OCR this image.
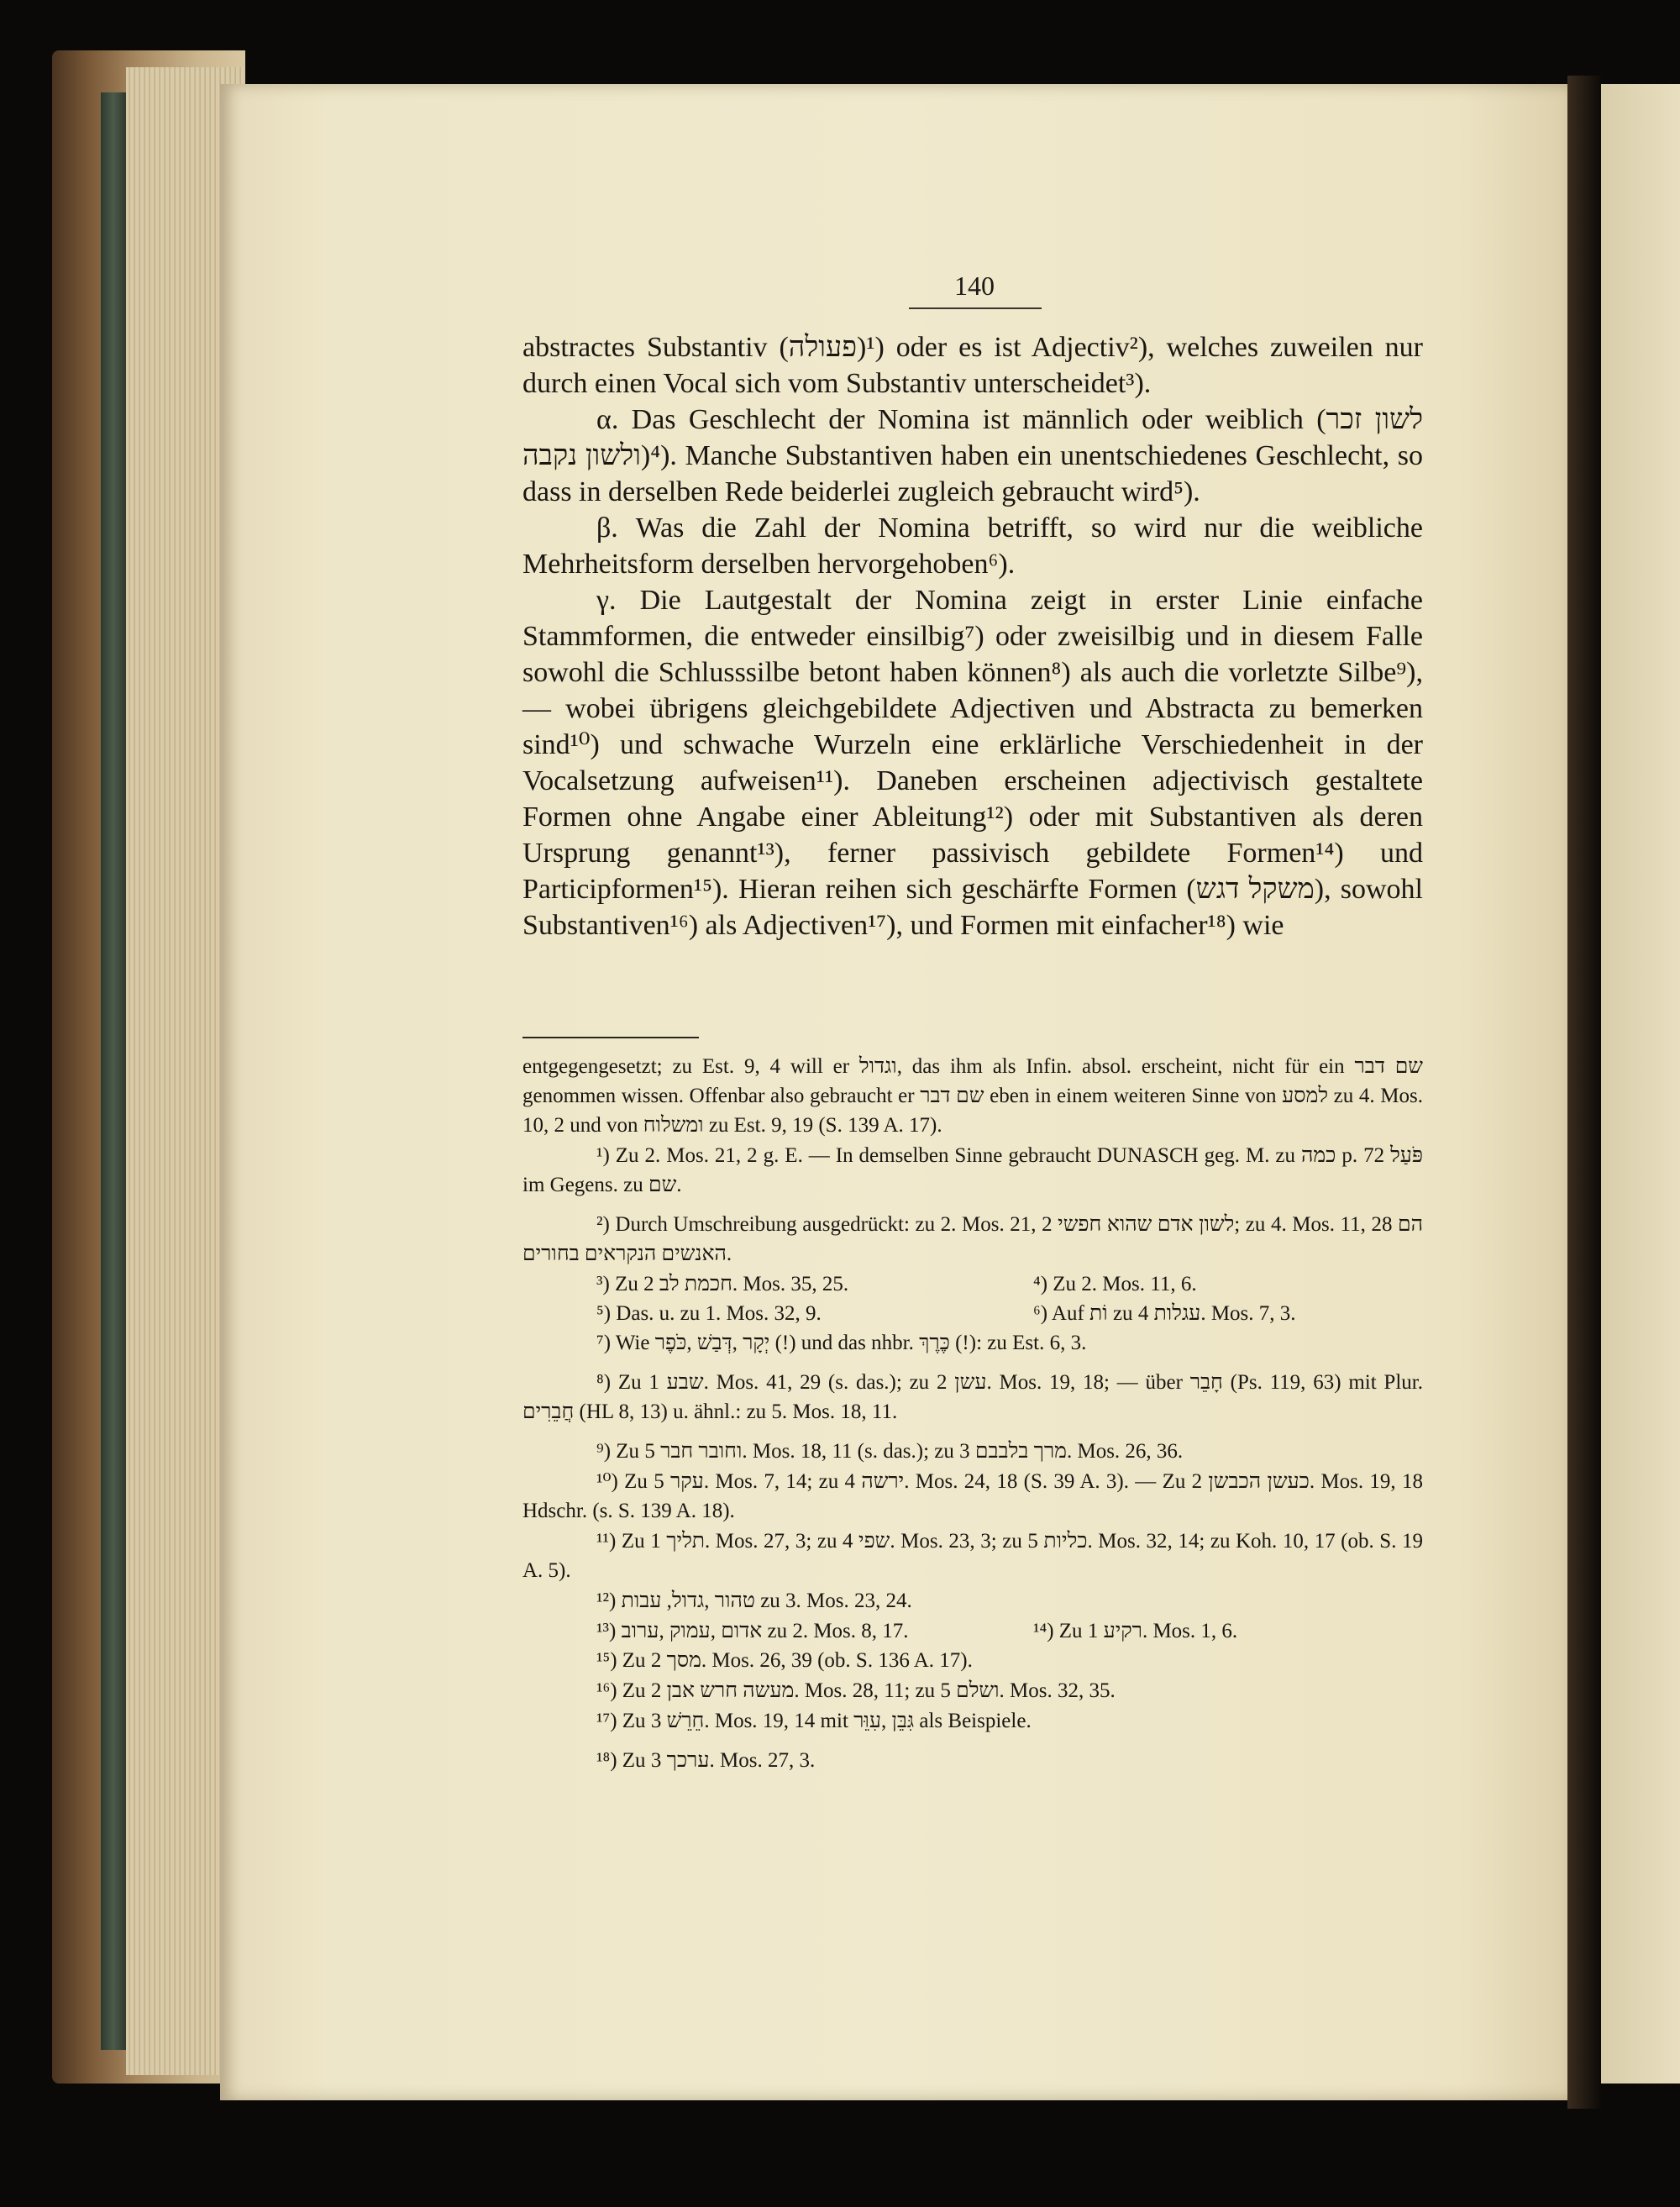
140

abstractes Substantiv (פעולה)¹) oder es ist Adjectiv²), welches zuweilen nur durch einen Vocal sich vom Substantiv unterscheidet³).

α. Das Geschlecht der Nomina ist männlich oder weiblich (לשון זכר ולשון נקבה)⁴). Manche Substantiven haben ein unentschiedenes Geschlecht, so dass in derselben Rede beiderlei zugleich gebraucht wird⁵).

β. Was die Zahl der Nomina betrifft, so wird nur die weibliche Mehrheitsform derselben hervorgehoben⁶).

γ. Die Lautgestalt der Nomina zeigt in erster Linie einfache Stammformen, die entweder einsilbig⁷) oder zweisilbig und in diesem Falle sowohl die Schlusssilbe betont haben können⁸) als auch die vorletzte Silbe⁹), — wobei übrigens gleichgebildete Adjectiven und Abstracta zu bemerken sind¹⁰) und schwache Wurzeln eine erklärliche Verschiedenheit in der Vocalsetzung aufweisen¹¹). Daneben erscheinen adjectivisch gestaltete Formen ohne Angabe einer Ableitung¹²) oder mit Substantiven als deren Ursprung genannt¹³), ferner passivisch gebildete Formen¹⁴) und Participformen¹⁵). Hieran reihen sich geschärfte Formen (משקל דגש), sowohl Substantiven¹⁶) als Adjectiven¹⁷), und Formen mit einfacher¹⁸) wie

entgegengesetzt; zu Est. 9, 4 will er וגדול, das ihm als Infin. absol. erscheint, nicht für ein שם דבר genommen wissen. Offenbar also gebraucht er שם דבר eben in einem weiteren Sinne von למסע zu 4. Mos. 10, 2 und von ומשלוח zu Est. 9, 19 (S. 139 A. 17).

¹) Zu 2. Mos. 21, 2 g. E. — In demselben Sinne gebraucht DUNASCH geg. M. zu כמה p. 72 פֹּעַל im Gegens. zu שם.

²) Durch Umschreibung ausgedrückt: zu 2. Mos. 21, 2 לשון אדם שהוא חפשי; zu 4. Mos. 11, 28 הם האנשים הנקראים בחורים.

³) Zu חכמת לב 2. Mos. 35, 25.	⁴) Zu 2. Mos. 11, 6.
⁵) Das. u. zu 1. Mos. 32, 9.	⁶) Auf וֹת zu עגלות 4. Mos. 7, 3.

⁷) Wie יְקָר ,דְּבַשׁ ,כֹּפֶר (!) und das nhbr. כֶּרֶךְ (!): zu Est. 6, 3.

⁸) Zu שבע 1. Mos. 41, 29 (s. das.); zu עשן 2. Mos. 19, 18; — über חָבֵר (Ps. 119, 63) mit Plur. חֲבֵרִים (HL 8, 13) u. ähnl.: zu 5. Mos. 18, 11.

⁹) Zu וחובר חבר 5. Mos. 18, 11 (s. das.); zu מרך בלבבם 3. Mos. 26, 36.

¹⁰) Zu עקר 5. Mos. 7, 14; zu ירשה 4. Mos. 24, 18 (S. 39 A. 3). — Zu כעשן הכבשן 2. Mos. 19, 18 Hdschr. (s. S. 139 A. 18).

¹¹) Zu תליך 1. Mos. 27, 3; zu שפי 4. Mos. 23, 3; zu כליות 5. Mos. 32, 14; zu Koh. 10, 17 (ob. S. 19 A. 5).

¹²) טהור ,גדול, עבות zu 3. Mos. 23, 24.

¹³) אדום ,עמוק ,ערוב zu 2. Mos. 8, 17.	¹⁴) Zu רקיע 1. Mos. 1, 6.

¹⁵) Zu מסך 2. Mos. 26, 39 (ob. S. 136 A. 17).

¹⁶) Zu מעשה חרש אבן 2. Mos. 28, 11; zu ושלם 5. Mos. 32, 35.

¹⁷) Zu חֵרֵשׁ 3. Mos. 19, 14 mit גִּבֵּן ,עִוֵּר als Beispiele.

¹⁸) Zu ערכך 3. Mos. 27, 3.
